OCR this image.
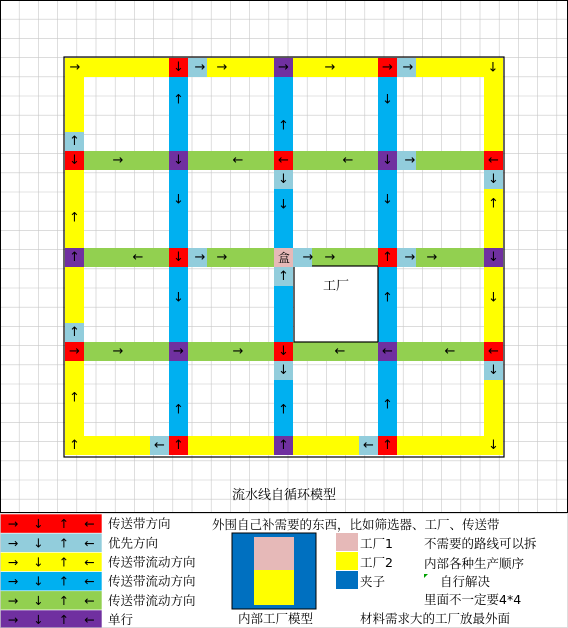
→	↓ → →	→	→	→ →	↓
↓
↑
→	↓	←	←	← ↓ →	←
↓
↓
↑	← ↓ → →	→ →	↑ → →	↓
↑
→
↑
→	→	→	↓	←	←	←	←
↓
↓
↑	← ↑	↑	← ↑	↓
↑
↓
↓
↑
↑
↓
↑
↓
↓
↑
↑
↑
↑
↑
↓
→ ↓ ↑ ← 传送带方向
→ ↓ ↑ ← 优先方向
→ ↓ ↑ ← 传送带流动方向
→ ↓ ↑ ← 传送带流动方向
→ ↓ ↑ ← 传送带流动方向
→ ↓ ↑ ← 单行
流水线自循环模型
工厂
盒
外围自己补需要的东西，比如筛选器、工厂、传送带
不需要的路线可以拆
内部各种生产顺序
自行解决
里面不一定要4*4
材料需求大的工厂放最外面
内部工厂模型
工厂1
工厂2
夹子
